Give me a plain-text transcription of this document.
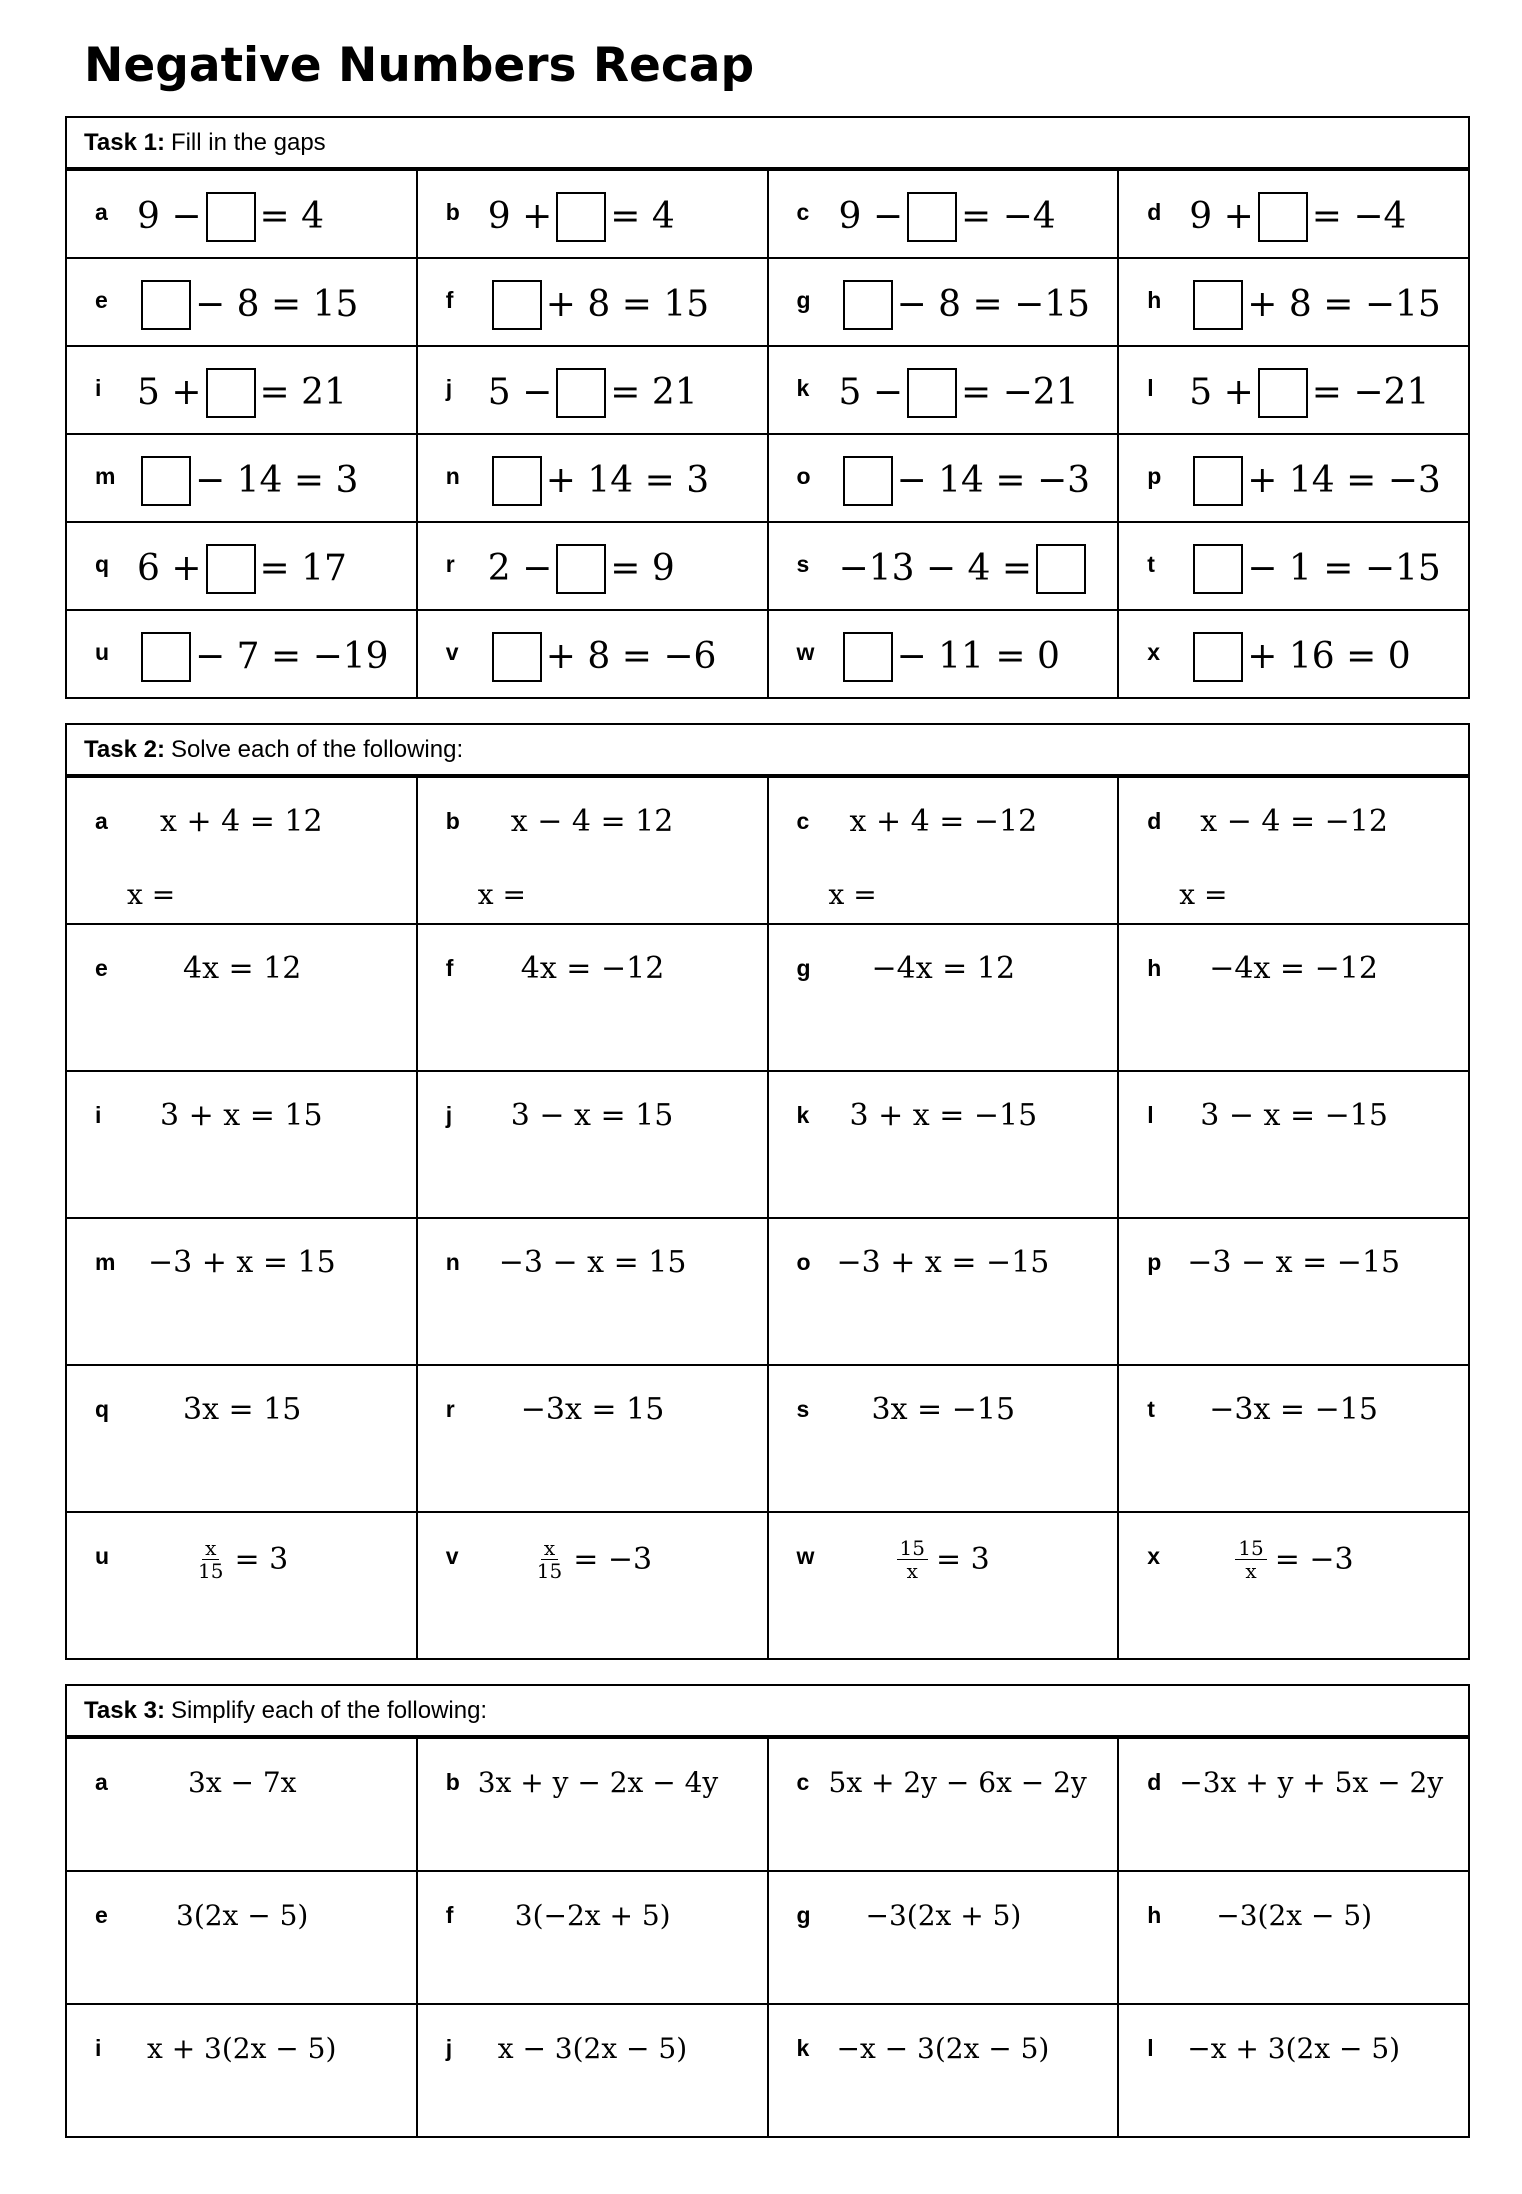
Negative Numbers Recap
Task 1: Fill in the gaps
a 9 − = 4	b 9 + = 4	c 9 − = −4	d 9 + = −4
e − 8 = 15	f	+ 8 = 15	g − 8 = −15 h + 8 = −15
i 5 + = 21	j 5 − = 21	k 5 − = −21	l 5 + = −21
m − 14 = 3	n + 14 = 3	o − 14 = −3 p + 14 = −3
q 6 + = 17	r 2 − = 9	s −13 − 4 =	t	− 1 = −15
u − 7 = −19 v + 8 = −6	w − 11 = 0	x + 16 = 0
Task 2: Solve each of the following:
a x + 4 = 12
x =
b x − 4 = 12
x =
c x + 4 = −12
x =
d x − 4 = −12
x =
e	4x = 12	f 4x = −12	g −4x = 12	h −4x = −12
i 3 + x = 15	j 3 − x = 15	k 3 + x = −15	l 3 − x = −15
m −3 + x = 15	n −3 − x = 15	o −3 + x = −15	p −3 − x = −15
q 3x = 15	r −3x = 15	s 3x = −15	t −3x = −15
u	$\frac{x}{15} = 3$	v	$\frac{x}{15} = -3$	w	$\frac{15}{x} = 3$	x	$\frac{15}{x} = -3$
Task 3: Simplify each of the following:
a	3x − 7x	b 3x + y − 2x − 4y	c 5x + 2y − 6x − 2y	d −3x + y + 5x − 2y
e 3(2x − 5)	f 3(−2x + 5)	g −3(2x + 5)	h −3(2x − 5)
i x + 3(2x − 5)	j x − 3(2x − 5)	k −x − 3(2x − 5)	l −x + 3(2x − 5)
